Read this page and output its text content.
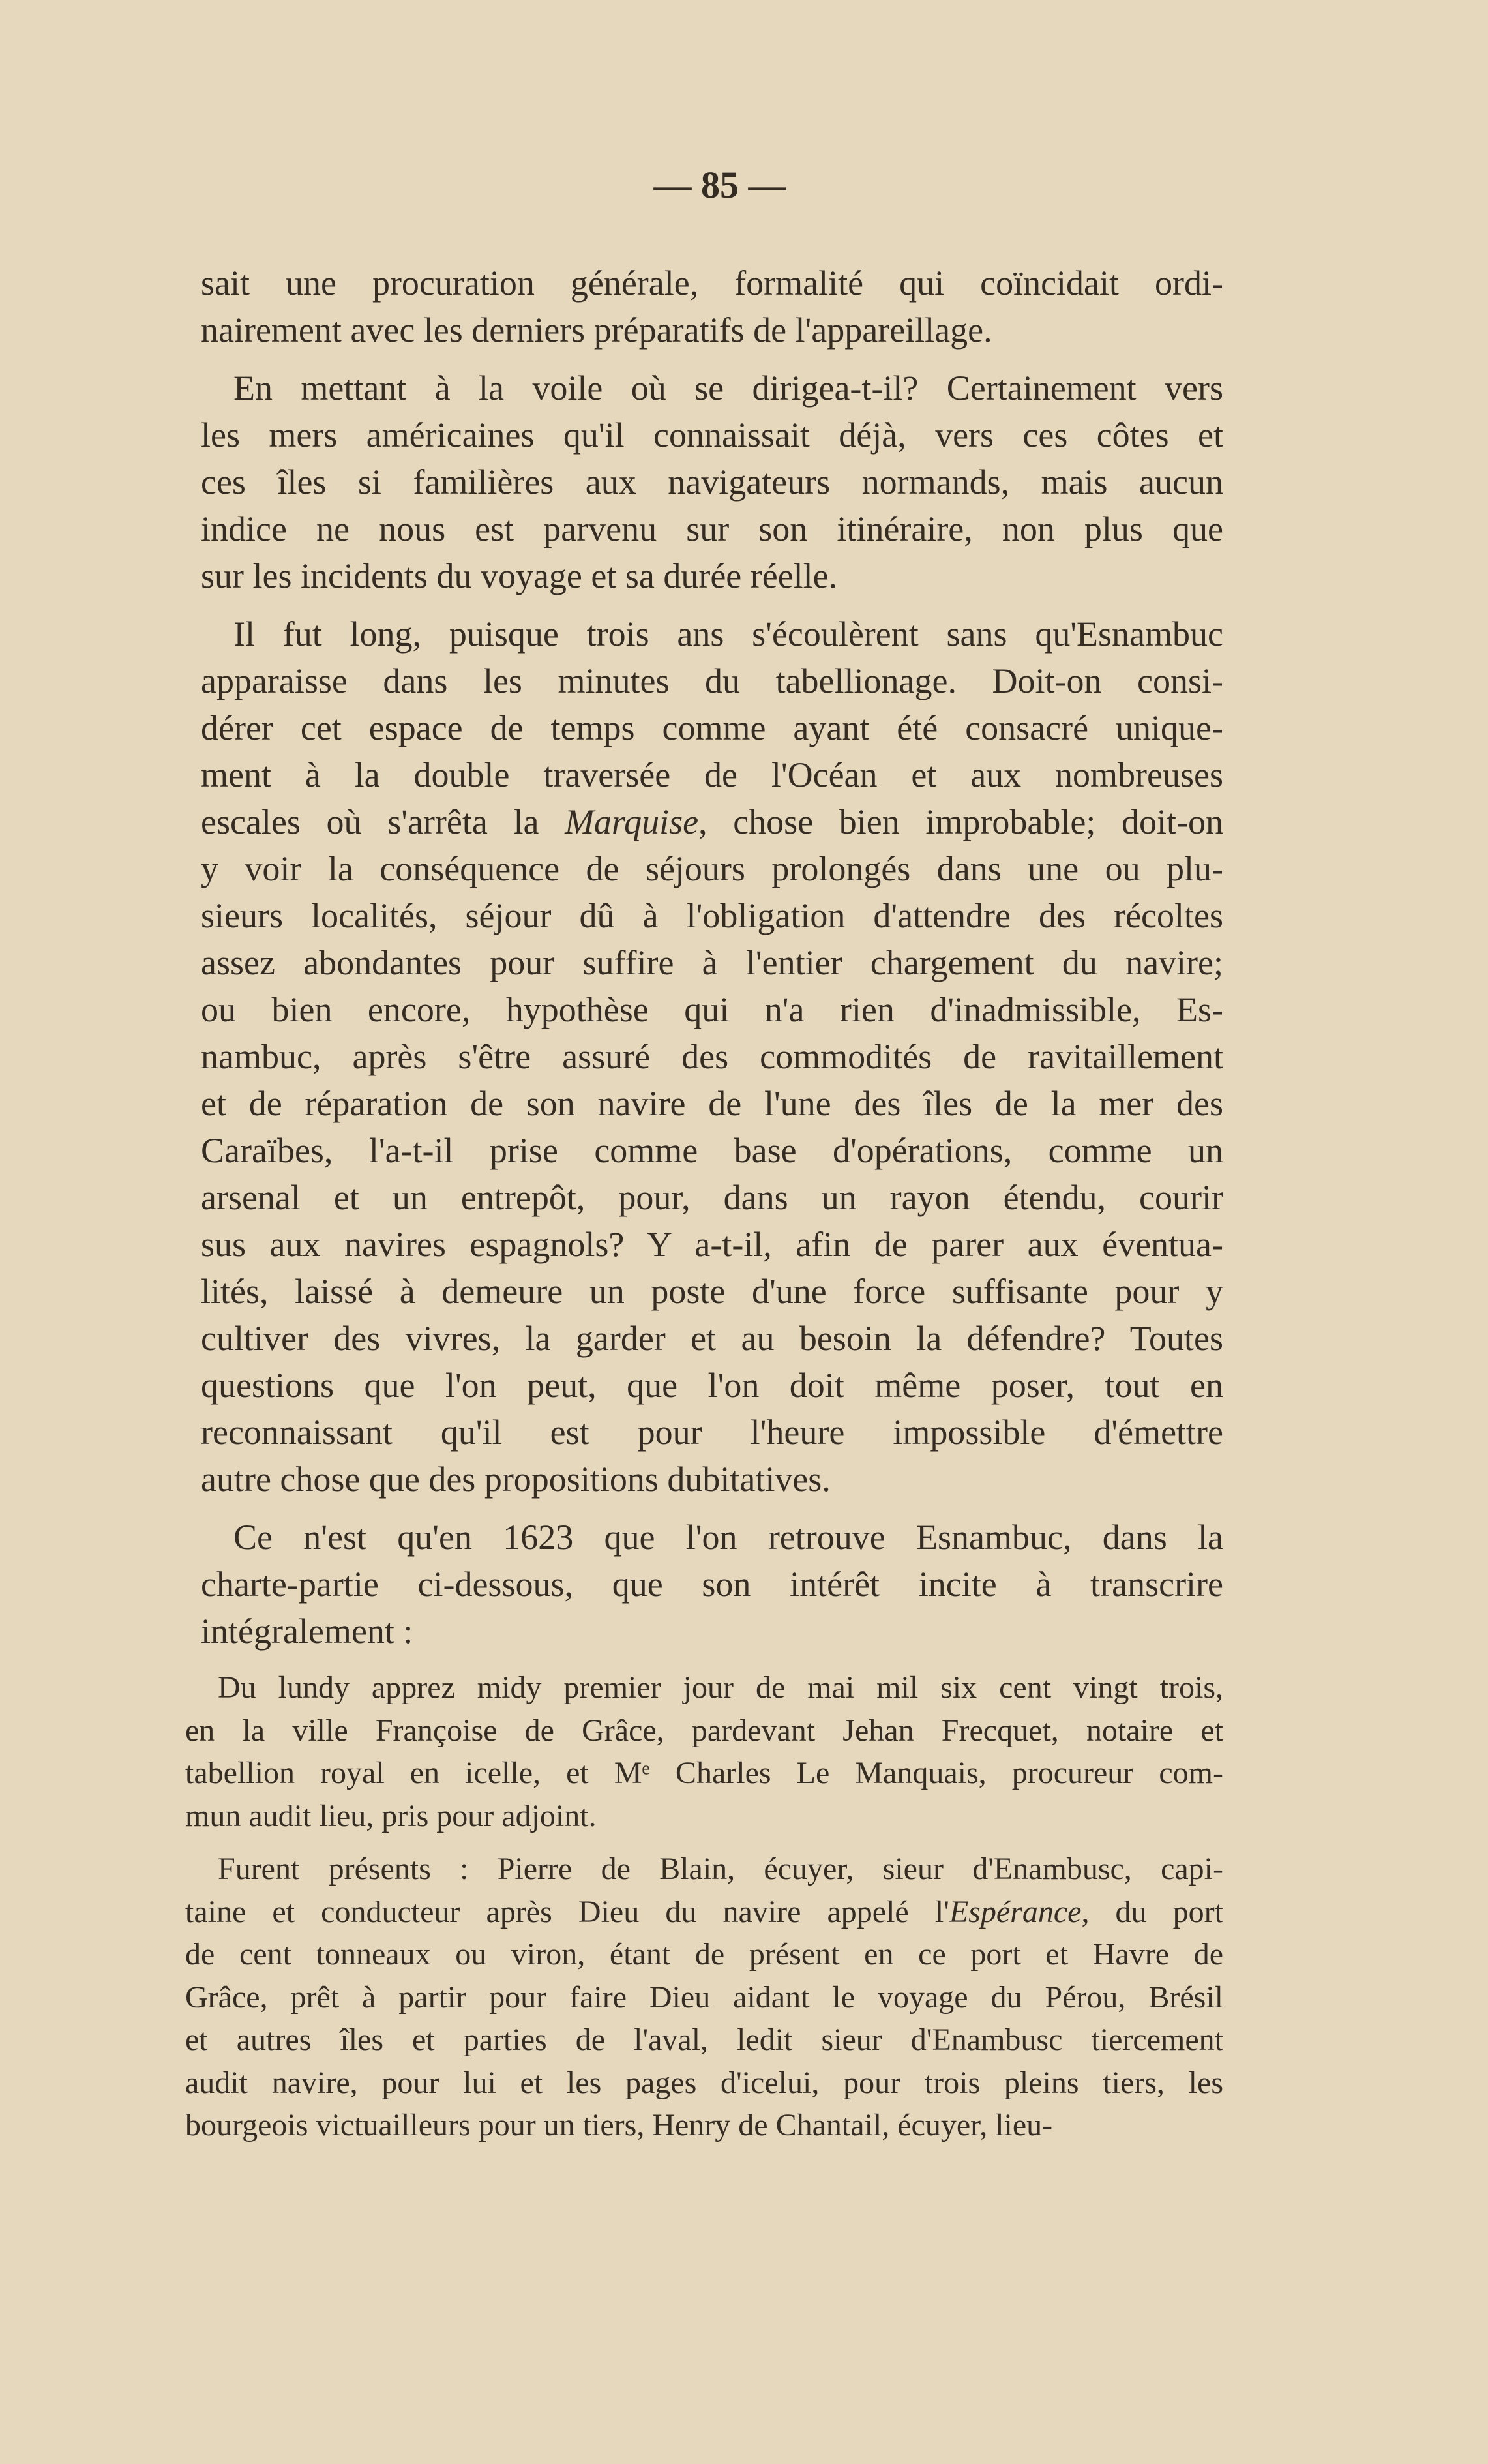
— 85 —
sait une procuration générale, formalité qui coïncidait ordi-
nairement avec les derniers préparatifs de l'appareillage.
En mettant à la voile où se dirigea-t-il? Certainement vers
les mers américaines qu'il connaissait déjà, vers ces côtes et
ces îles si familières aux navigateurs normands, mais aucun
indice ne nous est parvenu sur son itinéraire, non plus que
sur les incidents du voyage et sa durée réelle.
Il fut long, puisque trois ans s'écoulèrent sans qu'Esnambuc
apparaisse dans les minutes du tabellionage. Doit-on consi-
dérer cet espace de temps comme ayant été consacré unique-
ment à la double traversée de l'Océan et aux nombreuses
escales où s'arrêta la Marquise, chose bien improbable; doit-on
y voir la conséquence de séjours prolongés dans une ou plu-
sieurs localités, séjour dû à l'obligation d'attendre des récoltes
assez abondantes pour suffire à l'entier chargement du navire;
ou bien encore, hypothèse qui n'a rien d'inadmissible, Es-
nambuc, après s'être assuré des commodités de ravitaillement
et de réparation de son navire de l'une des îles de la mer des
Caraïbes, l'a-t-il prise comme base d'opérations, comme un
arsenal et un entrepôt, pour, dans un rayon étendu, courir
sus aux navires espagnols? Y a-t-il, afin de parer aux éventua-
lités, laissé à demeure un poste d'une force suffisante pour y
cultiver des vivres, la garder et au besoin la défendre? Toutes
questions que l'on peut, que l'on doit même poser, tout en
reconnaissant qu'il est pour l'heure impossible d'émettre
autre chose que des propositions dubitatives.
Ce n'est qu'en 1623 que l'on retrouve Esnambuc, dans la
charte-partie ci-dessous, que son intérêt incite à transcrire
intégralement :
Du lundy apprez midy premier jour de mai mil six cent vingt trois,
en la ville Françoise de Grâce, pardevant Jehan Frecquet, notaire et
tabellion royal en icelle, et Mᵉ Charles Le Manquais, procureur com-
mun audit lieu, pris pour adjoint.
Furent présents : Pierre de Blain, écuyer, sieur d'Enambusc, capi-
taine et conducteur après Dieu du navire appelé l'Espérance, du port
de cent tonneaux ou viron, étant de présent en ce port et Havre de
Grâce, prêt à partir pour faire Dieu aidant le voyage du Pérou, Brésil
et autres îles et parties de l'aval, ledit sieur d'Enambusc tiercement
audit navire, pour lui et les pages d'icelui, pour trois pleins tiers, les
bourgeois victuailleurs pour un tiers, Henry de Chantail, écuyer, lieu-
